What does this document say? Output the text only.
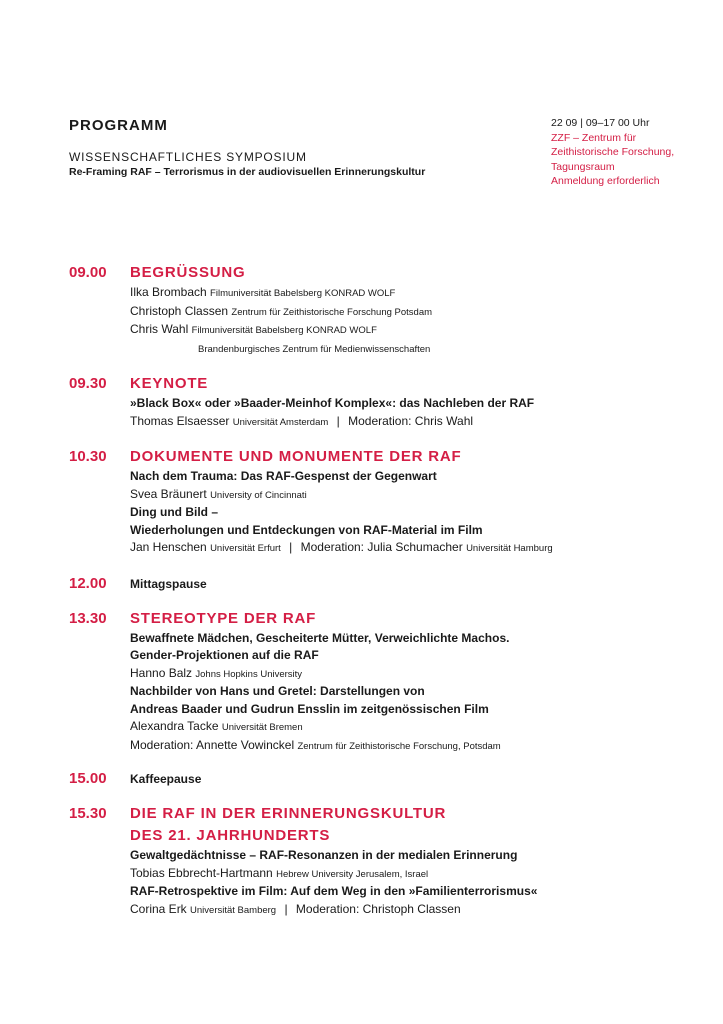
PROGRAMM
WISSENSCHAFTLICHES SYMPOSIUM
Re-Framing RAF – Terrorismus in der audiovisuellen Erinnerungskultur
22 09 | 09–17 00 Uhr
ZZF – Zentrum für
Zeithistorische Forschung,
Tagungsraum
Anmeldung erforderlich
09.00	BEGRÜSSUNG
Ilka Brombach Filmuniversität Babelsberg KONRAD WOLF
Christoph Classen Zentrum für Zeithistorische Forschung Potsdam
Chris Wahl Filmuniversität Babelsberg KONRAD WOLF
Brandenburgisches Zentrum für Medienwissenschaften
09.30	KEYNOTE
»Black Box« oder »Baader-Meinhof Komplex«: das Nachleben der RAF
Thomas Elsaesser Universität Amsterdam | Moderation: Chris Wahl
10.30	DOKUMENTE UND MONUMENTE DER RAF
Nach dem Trauma: Das RAF-Gespenst der Gegenwart
Svea Bräunert University of Cincinnati
Ding und Bild –
Wiederholungen und Entdeckungen von RAF-Material im Film
Jan Henschen Universität Erfurt | Moderation: Julia Schumacher Universität Hamburg
12.00	Mittagspause
13.30	STEREOTYPE DER RAF
Bewaffnete Mädchen, Gescheiterte Mütter, Verweichlichte Machos.
Gender-Projektionen auf die RAF
Hanno Balz Johns Hopkins University
Nachbilder von Hans und Gretel: Darstellungen von
Andreas Baader und Gudrun Ensslin im zeitgenössischen Film
Alexandra Tacke Universität Bremen
Moderation: Annette Vowinckel Zentrum für Zeithistorische Forschung, Potsdam
15.00	Kaffeepause
15.30	DIE RAF IN DER ERINNERUNGSKULTUR
DES 21. JAHRHUNDERTS
Gewaltgedächtnisse – RAF-Resonanzen in der medialen Erinnerung
Tobias Ebbrecht-Hartmann Hebrew University Jerusalem, Israel
RAF-Retrospektive im Film: Auf dem Weg in den »Familienterrorismus«
Corina Erk Universität Bamberg | Moderation: Christoph Classen
